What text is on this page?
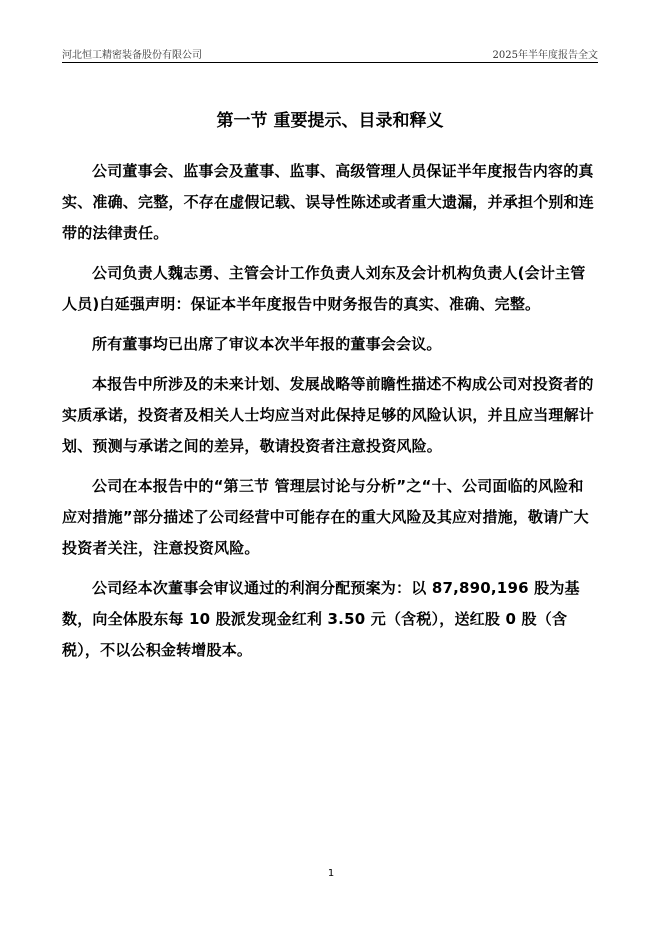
河北恒工精密装备股份有限公司	2025年半年度报告全文
第一节 重要提示、目录和释义

公司董事会、监事会及董事、监事、高级管理人员保证半年度报告内容的真实、准确、完整，不存在虚假记载、误导性陈述或者重大遗漏，并承担个别和连带的法律责任。

公司负责人魏志勇、主管会计工作负责人刘东及会计机构负责人(会计主管人员)白延强声明：保证本半年度报告中财务报告的真实、准确、完整。

所有董事均已出席了审议本次半年报的董事会会议。

本报告中所涉及的未来计划、发展战略等前瞻性描述不构成公司对投资者的实质承诺，投资者及相关人士均应当对此保持足够的风险认识，并且应当理解计划、预测与承诺之间的差异，敬请投资者注意投资风险。

公司在本报告中的“第三节 管理层讨论与分析”之“十、公司面临的风险和应对措施”部分描述了公司经营中可能存在的重大风险及其应对措施，敬请广大投资者关注，注意投资风险。

公司经本次董事会审议通过的利润分配预案为：以 87,890,196 股为基数，向全体股东每 10 股派发现金红利 3.50 元（含税），送红股 0 股（含税），不以公积金转增股本。

1
